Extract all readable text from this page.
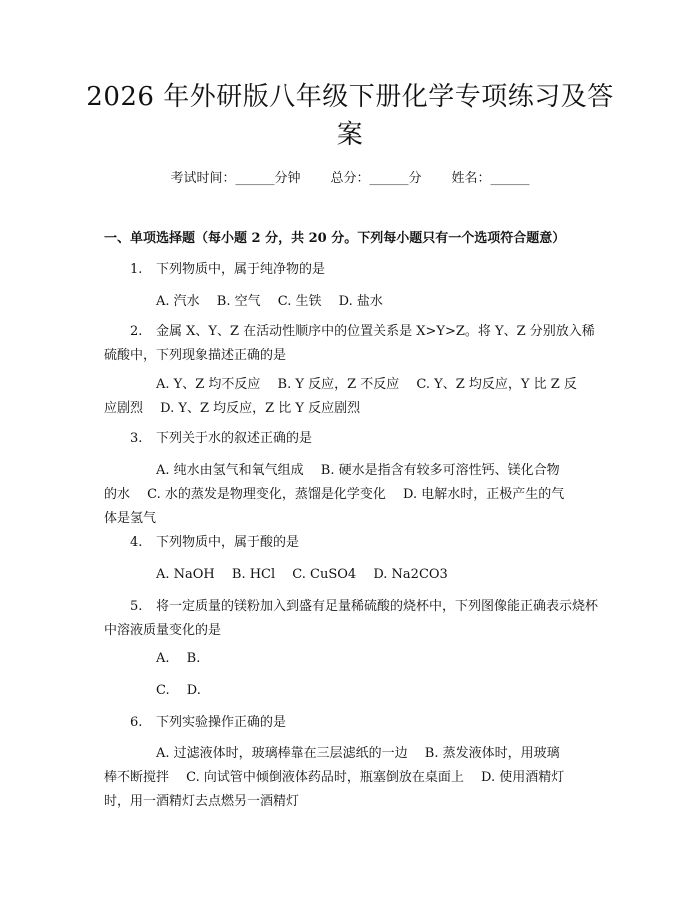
2026 年外研版八年级下册化学专项练习及答
案
考试时间：______分钟 总分：______分 姓名：______
一、单项选择题（每小题 2 分，共 20 分。下列每小题只有一个选项符合题意）
1. 下列物质中，属于纯净物的是
A. 汽水　 B. 空气　 C. 生铁　 D. 盐水
2. 金属 X、Y、Z 在活动性顺序中的位置关系是 X>Y>Z。将 Y、Z 分别放入稀硫酸中，下列现象描述正确的是
A. Y、Z 均不反应　 B. Y 反应，Z 不反应　 C. Y、Z 均反应，Y 比 Z 反
应剧烈　 D. Y、Z 均反应，Z 比 Y 反应剧烈
3. 下列关于水的叙述正确的是
A. 纯水由氢气和氧气组成　 B. 硬水是指含有较多可溶性钙、镁化合物
的水　 C. 水的蒸发是物理变化，蒸馏是化学变化　 D. 电解水时，正极产生的气
体是氢气
4. 下列物质中，属于酸的是
A. NaOH　 B. HCl　 C. CuSO4　 D. Na2CO3
5. 将一定质量的镁粉加入到盛有足量稀硫酸的烧杯中，下列图像能正确表示烧杯中溶液质量变化的是
A.　 B.
C.　 D.
6. 下列实验操作正确的是
A. 过滤液体时，玻璃棒靠在三层滤纸的一边　 B. 蒸发液体时，用玻璃
棒不断搅拌　 C. 向试管中倾倒液体药品时，瓶塞倒放在桌面上　 D. 使用酒精灯
时，用一酒精灯去点燃另一酒精灯
